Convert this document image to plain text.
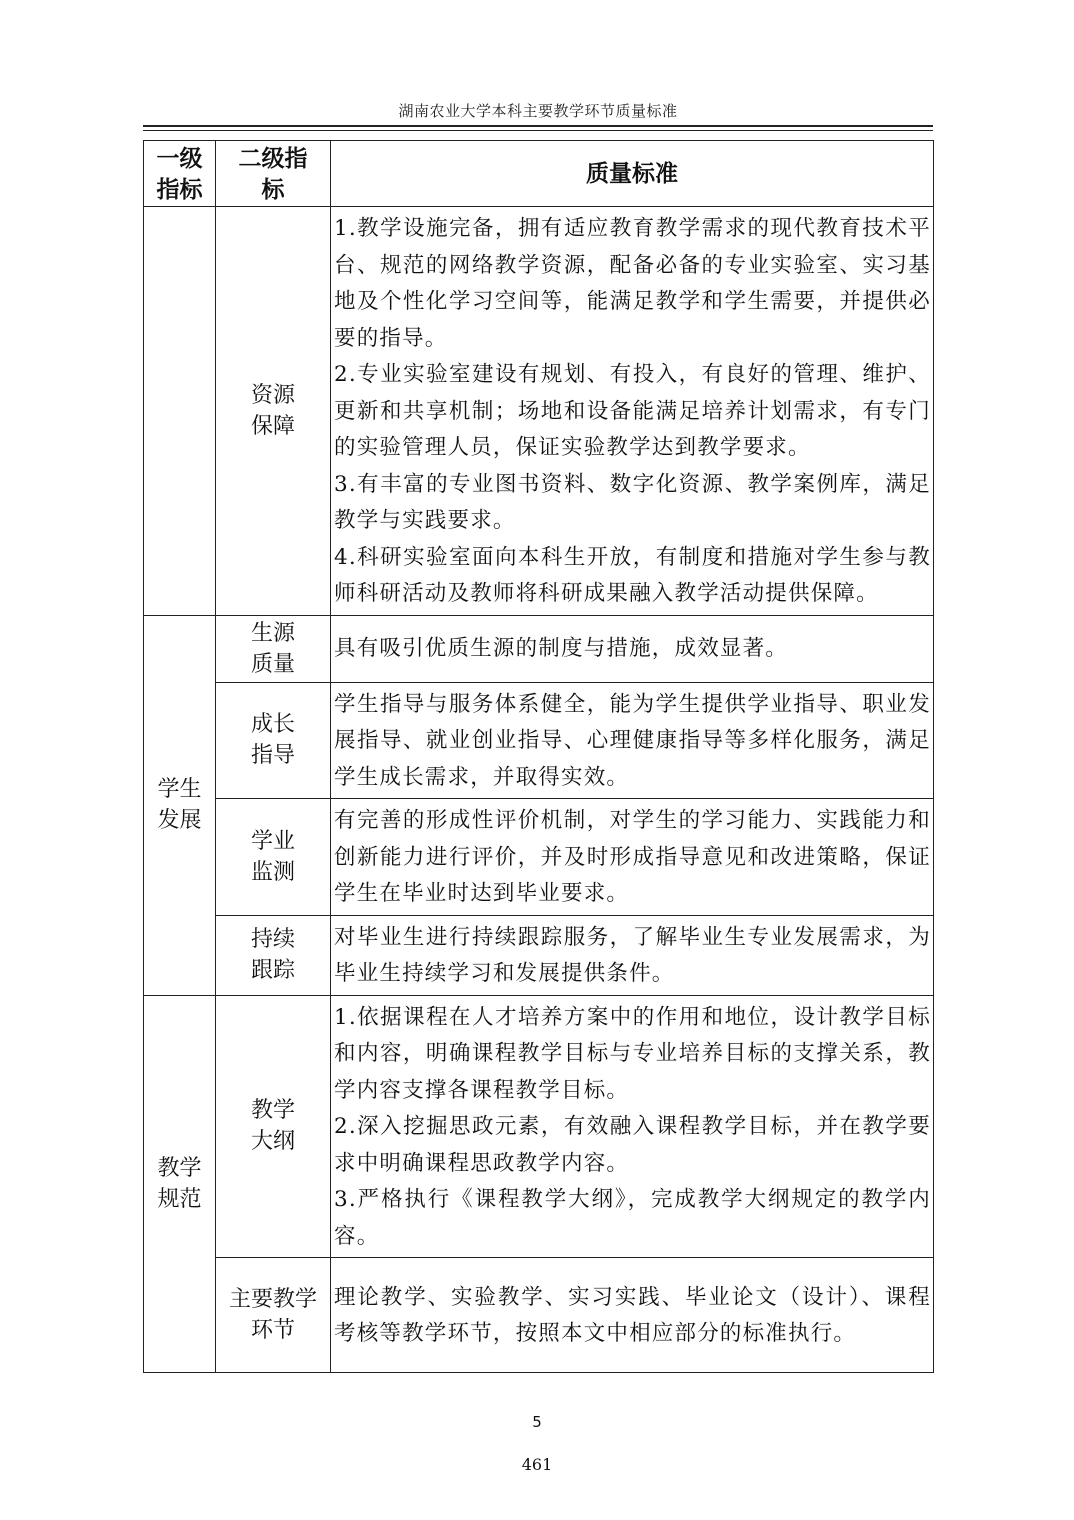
湖南农业大学本科主要教学环节质量标准
一级指标	二级指标	质量标准
	资源保障	1.教学设施完备，拥有适应教育教学需求的现代教育技术平台、规范的网络教学资源，配备必备的专业实验室、实习基地及个性化学习空间等，能满足教学和学生需要，并提供必要的指导。

2.专业实验室建设有规划、有投入，有良好的管理、维护、更新和共享机制；场地和设备能满足培养计划需求，有专门的实验管理人员，保证实验教学达到教学要求。

3.有丰富的专业图书资料、数字化资源、教学案例库，满足教学与实践要求。

4.科研实验室面向本科生开放，有制度和措施对学生参与教师科研活动及教师将科研成果融入教学活动提供保障。

学生发展	生源质量	具有吸引优质生源的制度与措施，成效显著。

	成长指导	学生指导与服务体系健全，能为学生提供学业指导、职业发展指导、就业创业指导、心理健康指导等多样化服务，满足学生成长需求，并取得实效。

	学业监测	有完善的形成性评价机制，对学生的学习能力、实践能力和创新能力进行评价，并及时形成指导意见和改进策略，保证学生在毕业时达到毕业要求。

	持续跟踪	对毕业生进行持续跟踪服务，了解毕业生专业发展需求，为毕业生持续学习和发展提供条件。

教学规范	教学大纲	1.依据课程在人才培养方案中的作用和地位，设计教学目标和内容，明确课程教学目标与专业培养目标的支撑关系，教学内容支撑各课程教学目标。

2.深入挖掘思政元素，有效融入课程教学目标，并在教学要求中明确课程思政教学内容。

3.严格执行《课程教学大纲》，完成教学大纲规定的教学内容。

	主要教学环节	理论教学、实验教学、实习实践、毕业论文（设计）、课程考核等教学环节，按照本文中相应部分的标准执行。

5
461
